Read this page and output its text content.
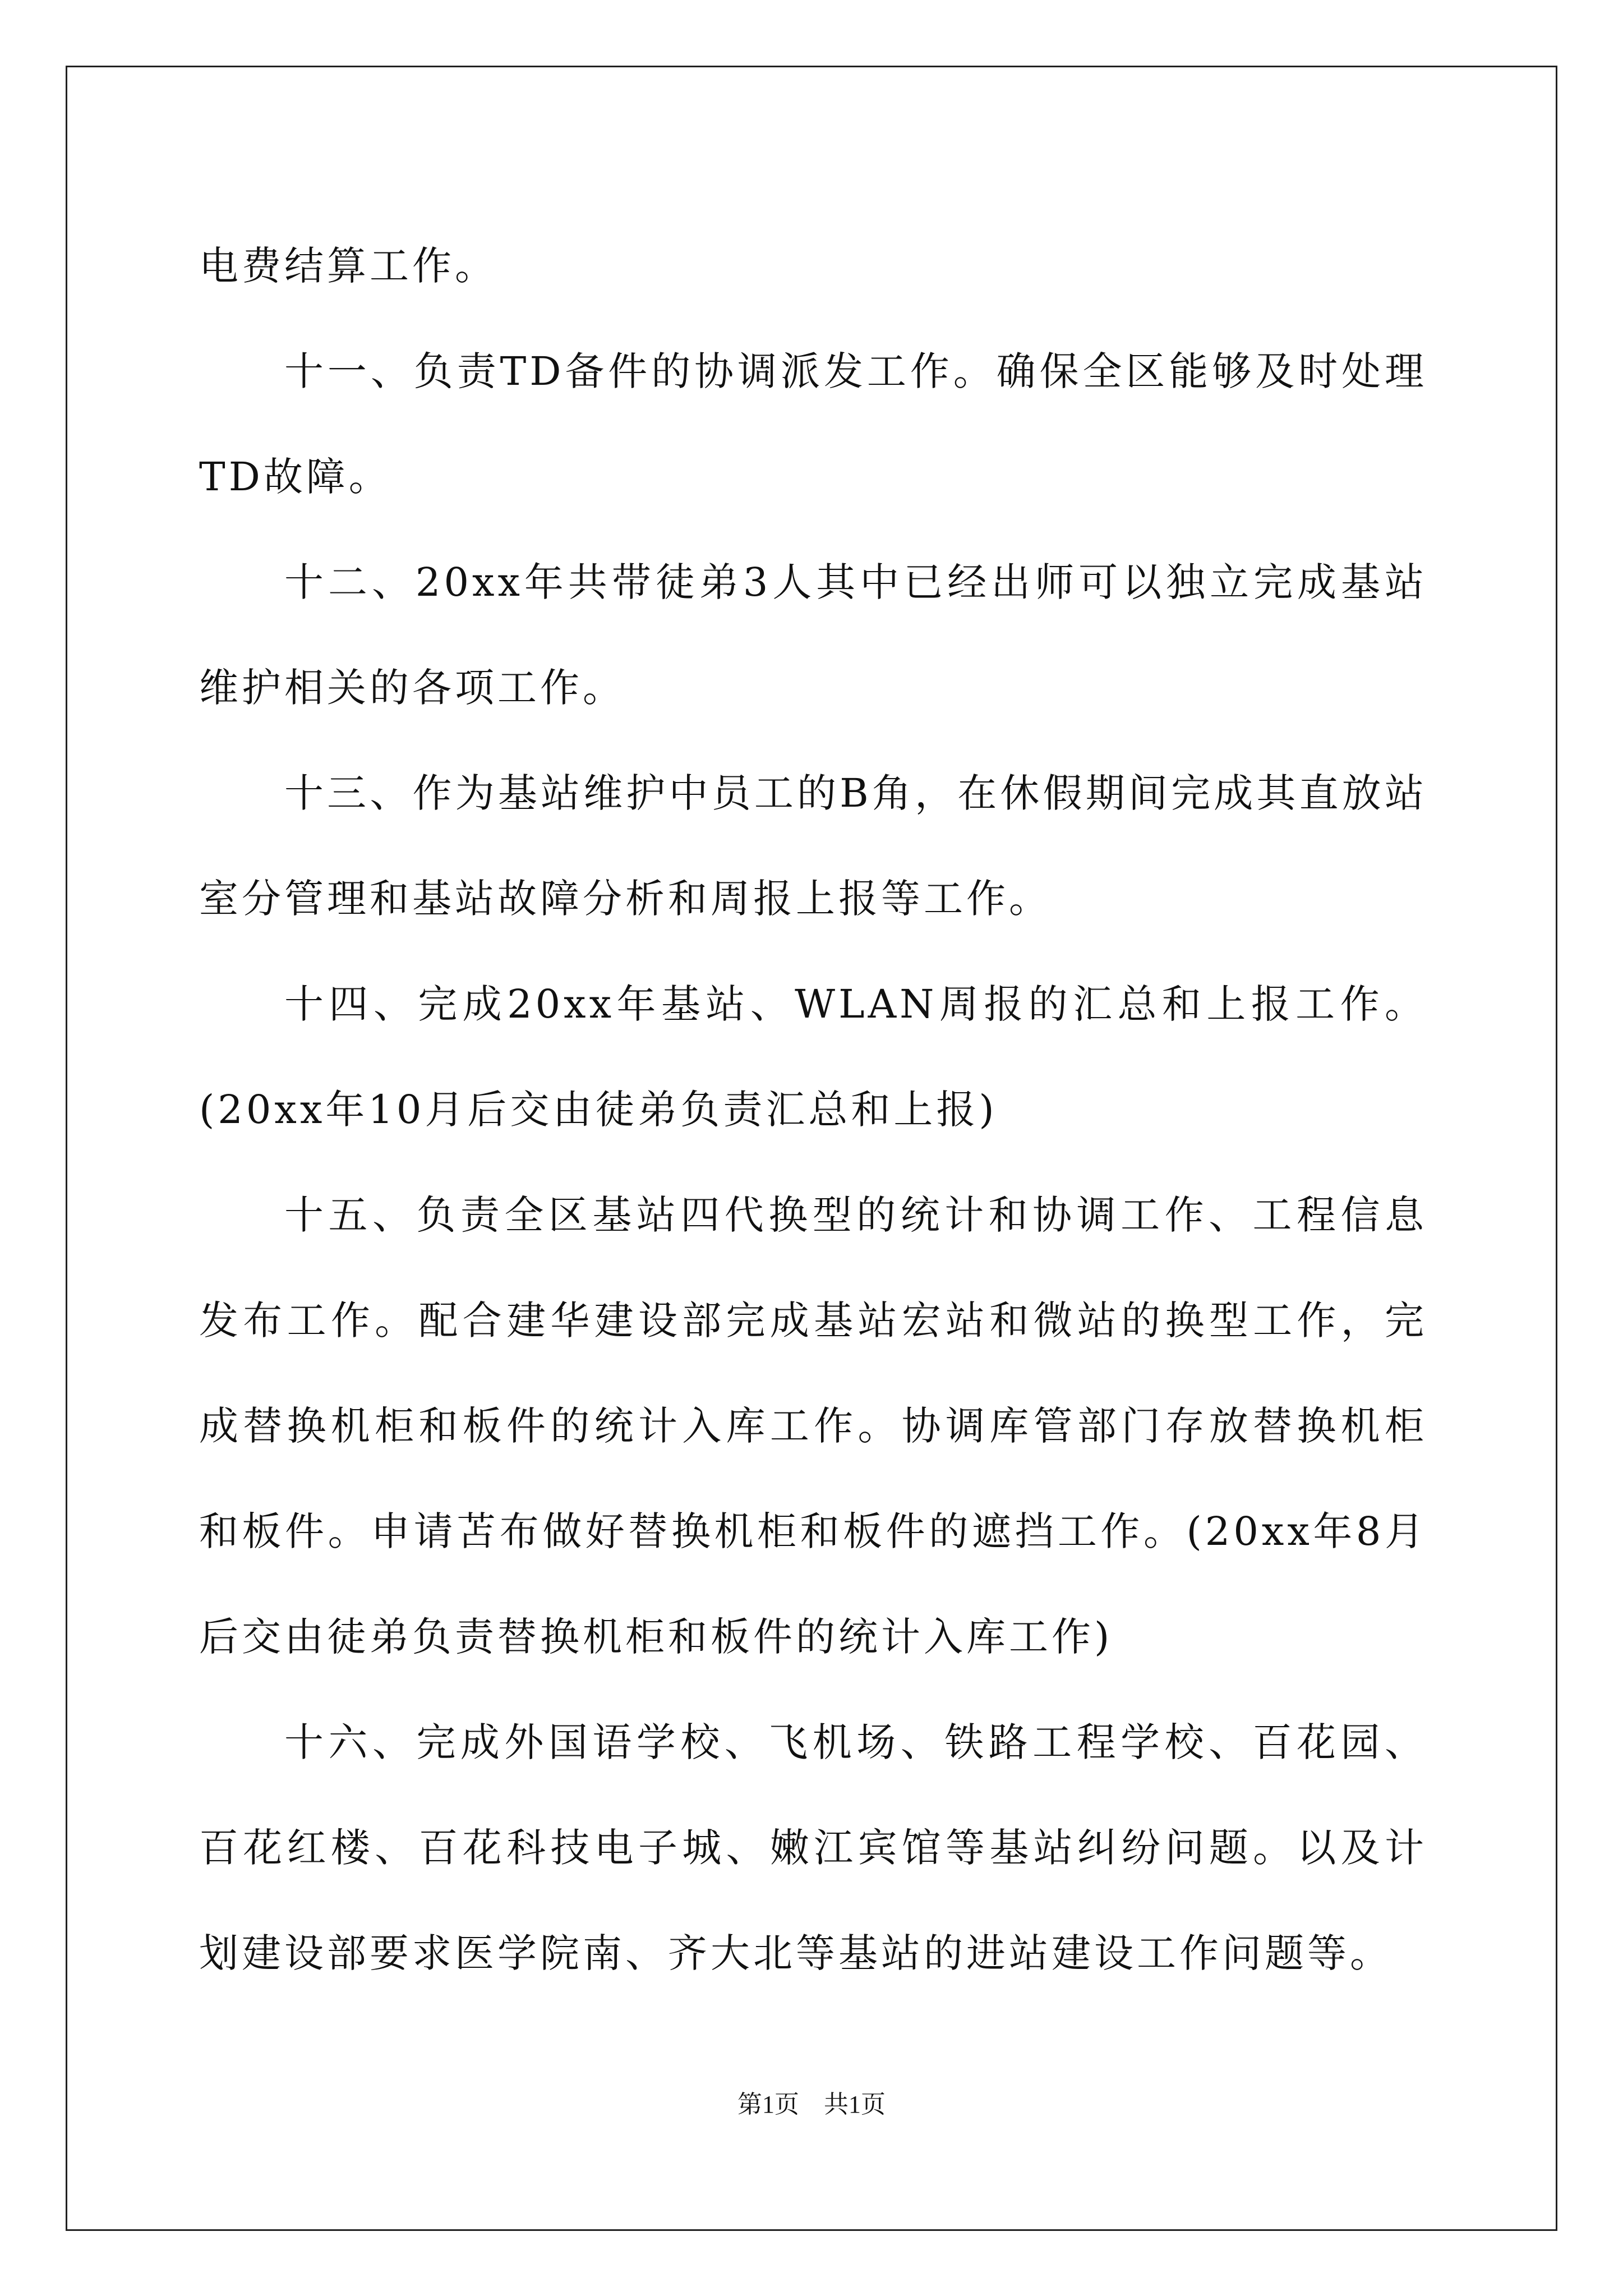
电费结算工作。

十一、负责TD备件的协调派发工作。确保全区能够及时处理TD故障。

十二、20xx年共带徒弟3人其中已经出师可以独立完成基站维护相关的各项工作。

十三、作为基站维护中员工的B角，在休假期间完成其直放站室分管理和基站故障分析和周报上报等工作。

十四、完成20xx年基站、WLAN周报的汇总和上报工作。(20xx年10月后交由徒弟负责汇总和上报)

十五、负责全区基站四代换型的统计和协调工作、工程信息发布工作。配合建华建设部完成基站宏站和微站的换型工作，完成替换机柜和板件的统计入库工作。协调库管部门存放替换机柜和板件。申请苫布做好替换机柜和板件的遮挡工作。(20xx年8月后交由徒弟负责替换机柜和板件的统计入库工作)

十六、完成外国语学校、飞机场、铁路工程学校、百花园、百花红楼、百花科技电子城、嫩江宾馆等基站纠纷问题。以及计划建设部要求医学院南、齐大北等基站的进站建设工作问题等。

第1页　共1页
